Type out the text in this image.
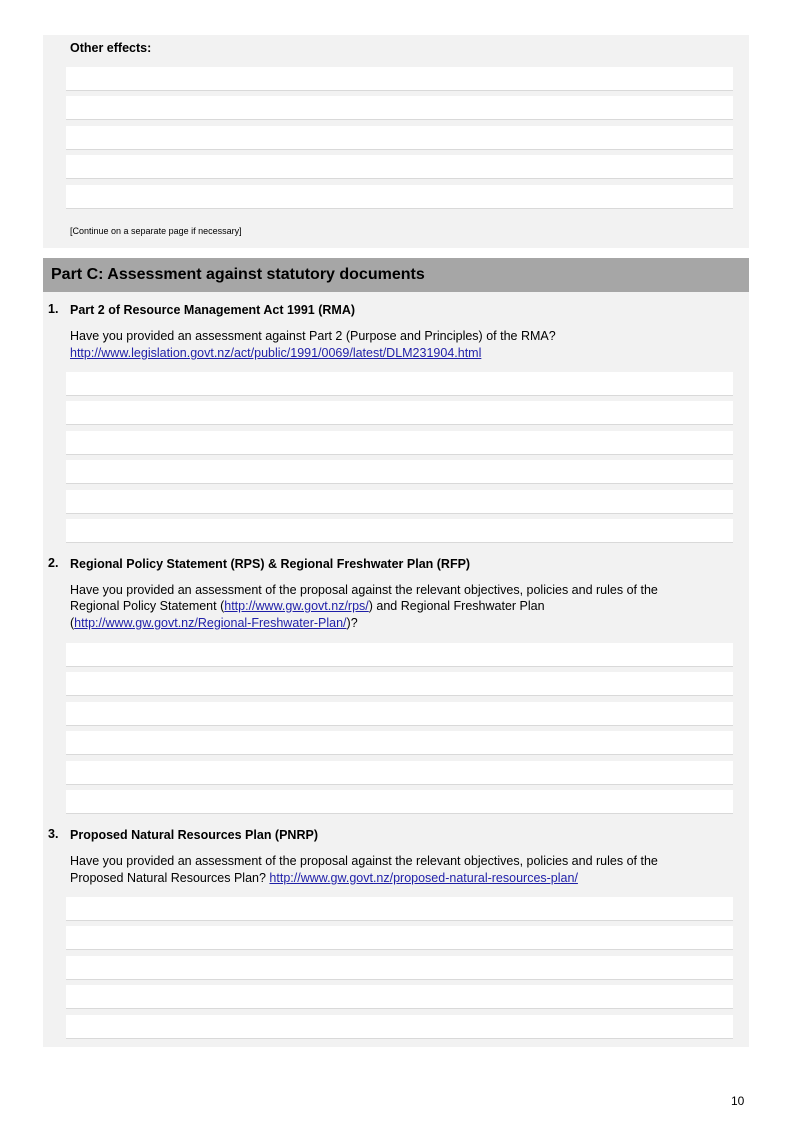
Other effects:
[Continue on a separate page if necessary]
Part C: Assessment against statutory documents
1. Part 2 of Resource Management Act 1991 (RMA)
Have you provided an assessment against Part 2 (Purpose and Principles) of the RMA?
http://www.legislation.govt.nz/act/public/1991/0069/latest/DLM231904.html
2. Regional Policy Statement (RPS) & Regional Freshwater Plan (RFP)
Have you provided an assessment of the proposal against the relevant objectives, policies and rules of the
Regional Policy Statement (http://www.gw.govt.nz/rps/) and Regional Freshwater Plan
(http://www.gw.govt.nz/Regional-Freshwater-Plan/)?
3. Proposed Natural Resources Plan (PNRP)
Have you provided an assessment of the proposal against the relevant objectives, policies and rules of the
Proposed Natural Resources Plan? http://www.gw.govt.nz/proposed-natural-resources-plan/
10
